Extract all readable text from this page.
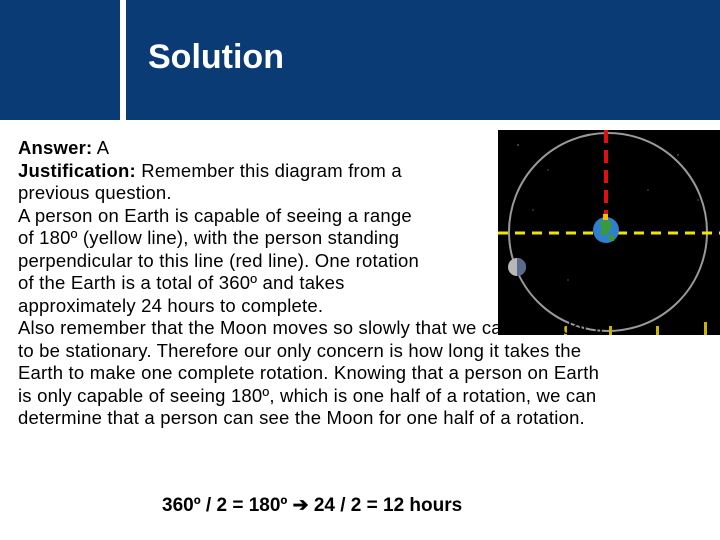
Solution
Answer: A
Justification: Remember this diagram from a
previous question.
A person on Earth is capable of seeing a range
of 180º (yellow line), with the person standing
perpendicular to this line (red line). One rotation
of the Earth is a total of 360º and takes
approximately 24 hours to complete.
Also remember that the Moon moves so slowly that we can consider it
to be stationary. Therefore our only concern is how long it takes the
Earth to make one complete rotation. Knowing that a person on Earth
is only capable of seeing 180º, which is one half of a rotation, we can
determine that a person can see the Moon for one half of a rotation.
360º / 2 = 180º ➔ 24 / 2 = 12 hours
